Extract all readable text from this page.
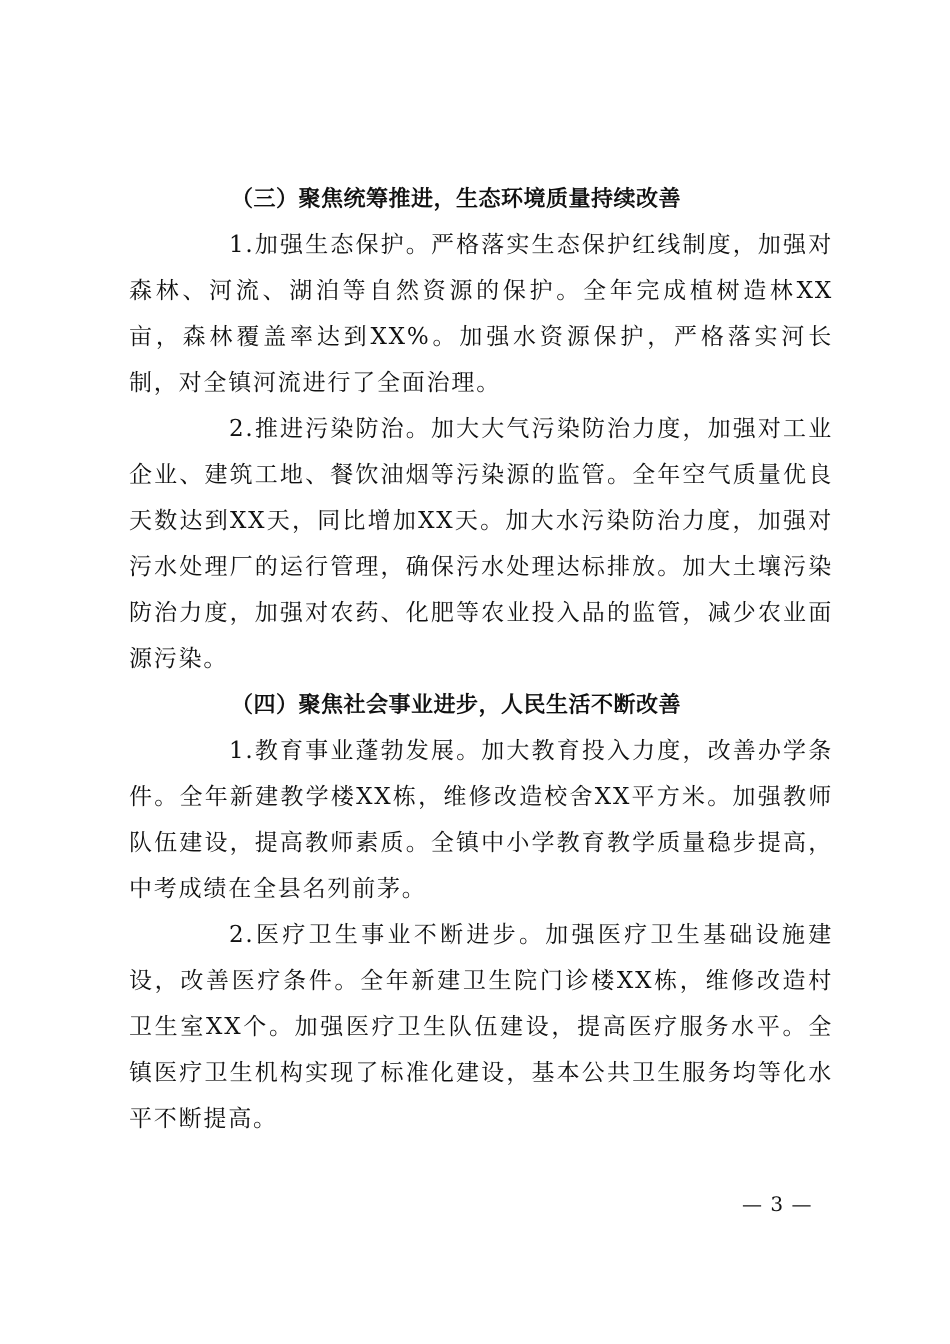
（三）聚焦统筹推进，生态环境质量持续改善

1.加强生态保护。严格落实生态保护红线制度，加强对森林、河流、湖泊等自然资源的保护。全年完成植树造林XX亩，森林覆盖率达到XX%。加强水资源保护，严格落实河长制，对全镇河流进行了全面治理。

2.推进污染防治。加大大气污染防治力度，加强对工业企业、建筑工地、餐饮油烟等污染源的监管。全年空气质量优良天数达到XX天，同比增加XX天。加大水污染防治力度，加强对污水处理厂的运行管理，确保污水处理达标排放。加大土壤污染防治力度，加强对农药、化肥等农业投入品的监管，减少农业面源污染。

（四）聚焦社会事业进步，人民生活不断改善

1.教育事业蓬勃发展。加大教育投入力度，改善办学条件。全年新建教学楼XX栋，维修改造校舍XX平方米。加强教师队伍建设，提高教师素质。全镇中小学教育教学质量稳步提高，中考成绩在全县名列前茅。

2.医疗卫生事业不断进步。加强医疗卫生基础设施建设，改善医疗条件。全年新建卫生院门诊楼XX栋，维修改造村卫生室XX个。加强医疗卫生队伍建设，提高医疗服务水平。全镇医疗卫生机构实现了标准化建设，基本公共卫生服务均等化水平不断提高。

— 3 —
